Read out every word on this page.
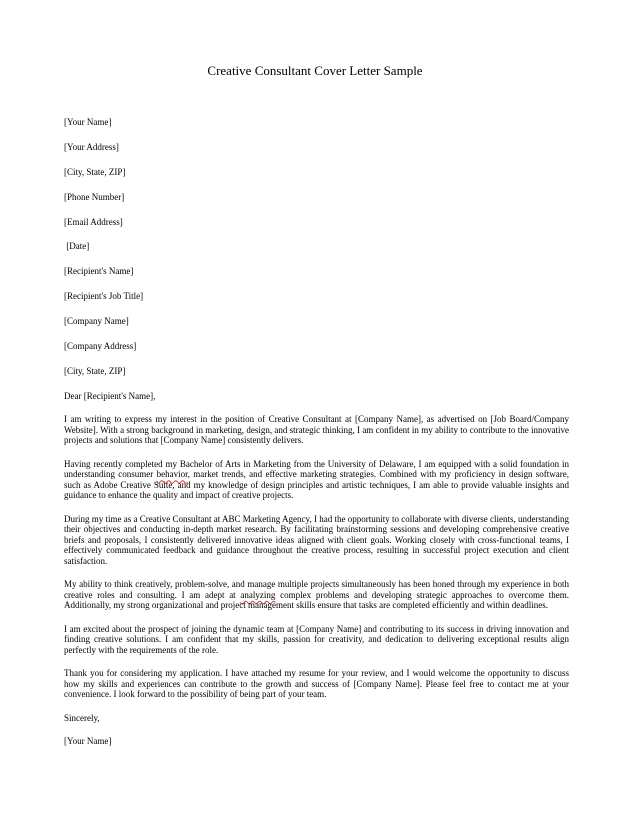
Creative Consultant Cover Letter Sample

[Your Name]

[Your Address]

[City, State, ZIP]

[Phone Number]

[Email Address]

[Date]

[Recipient's Name]

[Recipient's Job Title]

[Company Name]

[Company Address]

[City, State, ZIP]

Dear [Recipient's Name],

I am writing to express my interest in the position of Creative Consultant at [Company Name], as advertised on [Job Board/Company Website]. With a strong background in marketing, design, and strategic thinking, I am confident in my ability to contribute to the innovative projects and solutions that [Company Name] consistently delivers.

Having recently completed my Bachelor of Arts in Marketing from the University of Delaware, I am equipped with a solid foundation in understanding consumer behavior, market trends, and effective marketing strategies. Combined with my proficiency in design software, such as Adobe Creative Suite, and my knowledge of design principles and artistic techniques, I am able to provide valuable insights and guidance to enhance the quality and impact of creative projects.

During my time as a Creative Consultant at ABC Marketing Agency, I had the opportunity to collaborate with diverse clients, understanding their objectives and conducting in-depth market research. By facilitating brainstorming sessions and developing comprehensive creative briefs and proposals, I consistently delivered innovative ideas aligned with client goals. Working closely with cross-functional teams, I effectively communicated feedback and guidance throughout the creative process, resulting in successful project execution and client satisfaction.

My ability to think creatively, problem-solve, and manage multiple projects simultaneously has been honed through my experience in both creative roles and consulting. I am adept at analyzing complex problems and developing strategic approaches to overcome them. Additionally, my strong organizational and project management skills ensure that tasks are completed efficiently and within deadlines.

I am excited about the prospect of joining the dynamic team at [Company Name] and contributing to its success in driving innovation and finding creative solutions. I am confident that my skills, passion for creativity, and dedication to delivering exceptional results align perfectly with the requirements of the role.

Thank you for considering my application. I have attached my resume for your review, and I would welcome the opportunity to discuss how my skills and experiences can contribute to the growth and success of [Company Name]. Please feel free to contact me at your convenience. I look forward to the possibility of being part of your team.

Sincerely,

[Your Name]
